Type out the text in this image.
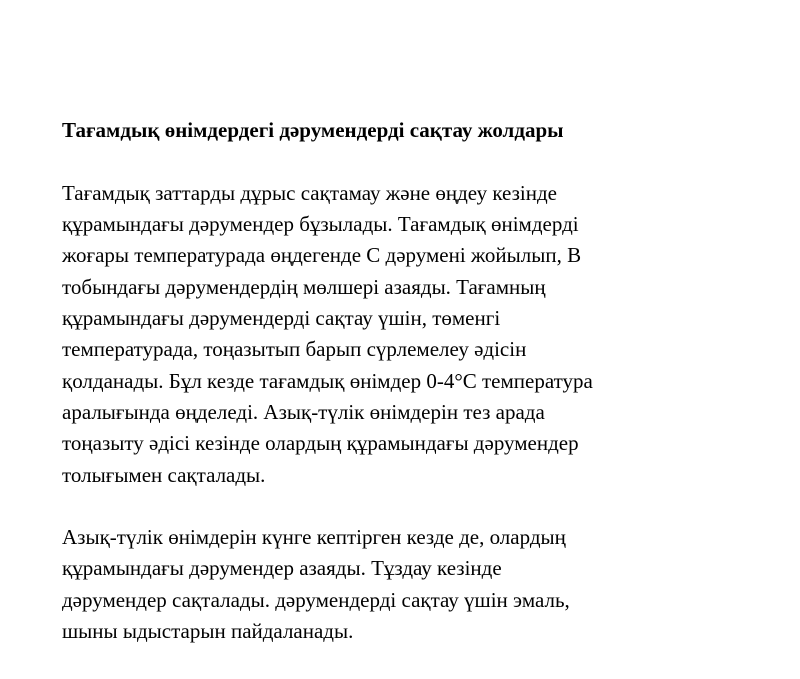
Тағамдық өнімдердегі дәрумендерді сақтау жолдары

Тағамдық заттарды дұрыс сақтамау және өңдеу кезінде
құрамындағы дәрумендер бұзылады. Тағамдық өнімдерді
жоғары температурада өңдегенде С дәрумені жойылып, В
тобындағы дәрумендердің мөлшері азаяды. Тағамның
құрамындағы дәрумендерді сақтау үшін, төменгі
температурада, тоңазытып барып сүрлемелеу әдісін
қолданады. Бұл кезде тағамдық өнімдер 0-4°С температура
аралығында өңделеді. Азық-түлік өнімдерін тез арада
тоңазыту әдісі кезінде олардың құрамындағы дәрумендер
толығымен сақталады.

Азық-түлік өнімдерін күнге кептірген кезде де, олардың
құрамындағы дәрумендер азаяды. Тұздау кезінде
дәрумендер сақталады. дәрумендерді сақтау үшін эмаль,
шыны ыдыстарын пайдаланады.
